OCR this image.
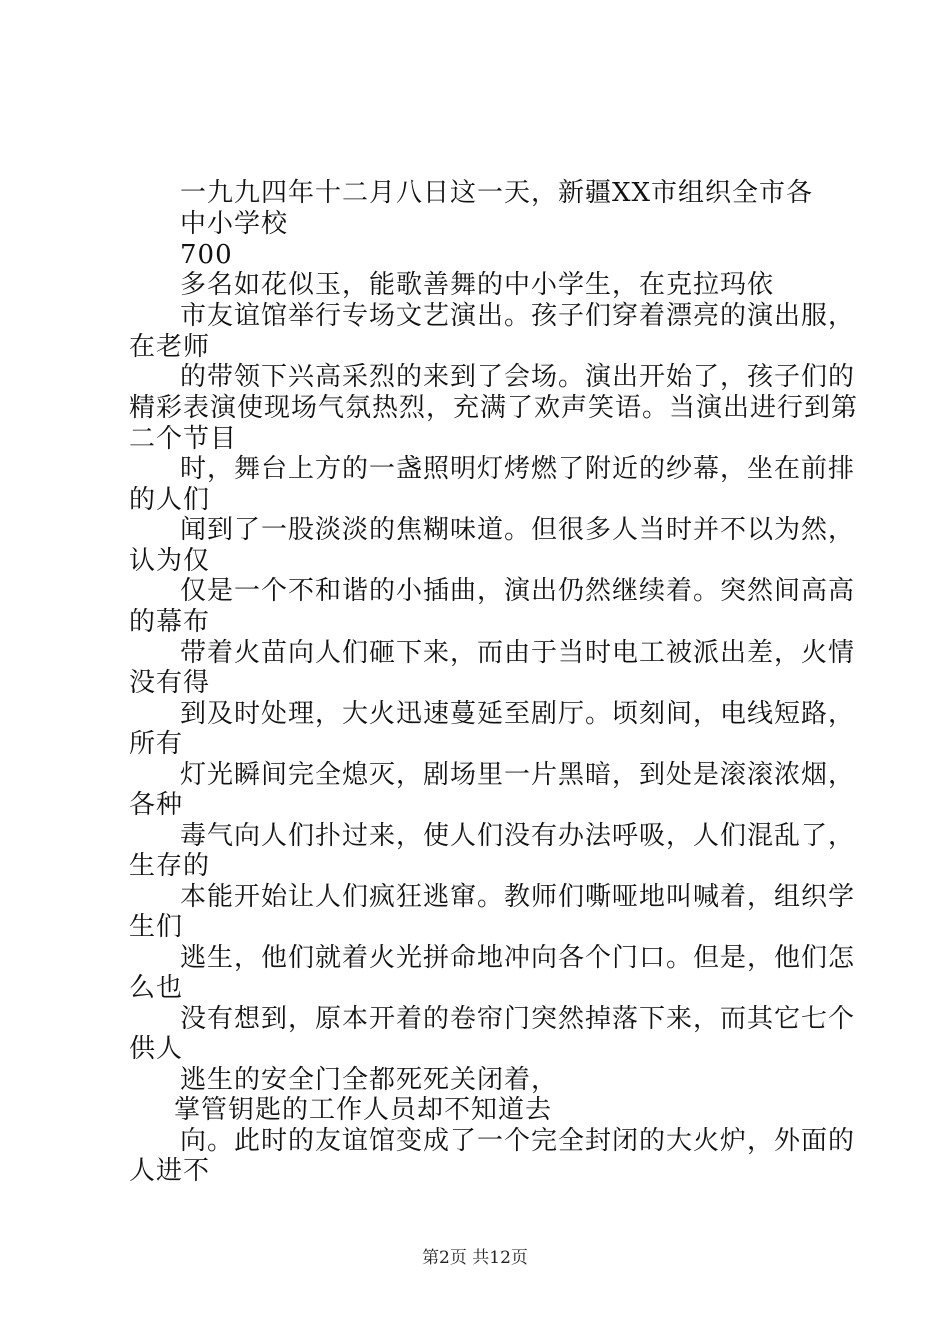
一九九四年十二月八日这一天，新疆XX市组织全市各
中小学校
700
多名如花似玉，能歌善舞的中小学生，在克拉玛依
市友谊馆举行专场文艺演出。孩子们穿着漂亮的演出服，
在老师
的带领下兴高采烈的来到了会场。演出开始了，孩子们的
精彩表演使现场气氛热烈，充满了欢声笑语。当演出进行到第
二个节目
时，舞台上方的一盏照明灯烤燃了附近的纱幕，坐在前排
的人们
闻到了一股淡淡的焦糊味道。但很多人当时并不以为然，
认为仅
仅是一个不和谐的小插曲，演出仍然继续着。突然间高高
的幕布
带着火苗向人们砸下来，而由于当时电工被派出差，火情
没有得
到及时处理，大火迅速蔓延至剧厅。顷刻间，电线短路，
所有
灯光瞬间完全熄灭，剧场里一片黑暗，到处是滚滚浓烟，
各种
毒气向人们扑过来，使人们没有办法呼吸，人们混乱了，
生存的
本能开始让人们疯狂逃窜。教师们嘶哑地叫喊着，组织学
生们
逃生，他们就着火光拼命地冲向各个门口。但是，他们怎
么也
没有想到，原本开着的卷帘门突然掉落下来，而其它七个
供人
逃生的安全门全都死死关闭着，
掌管钥匙的工作人员却不知道去
向。此时的友谊馆变成了一个完全封闭的大火炉，外面的
人进不
第2页 共12页
